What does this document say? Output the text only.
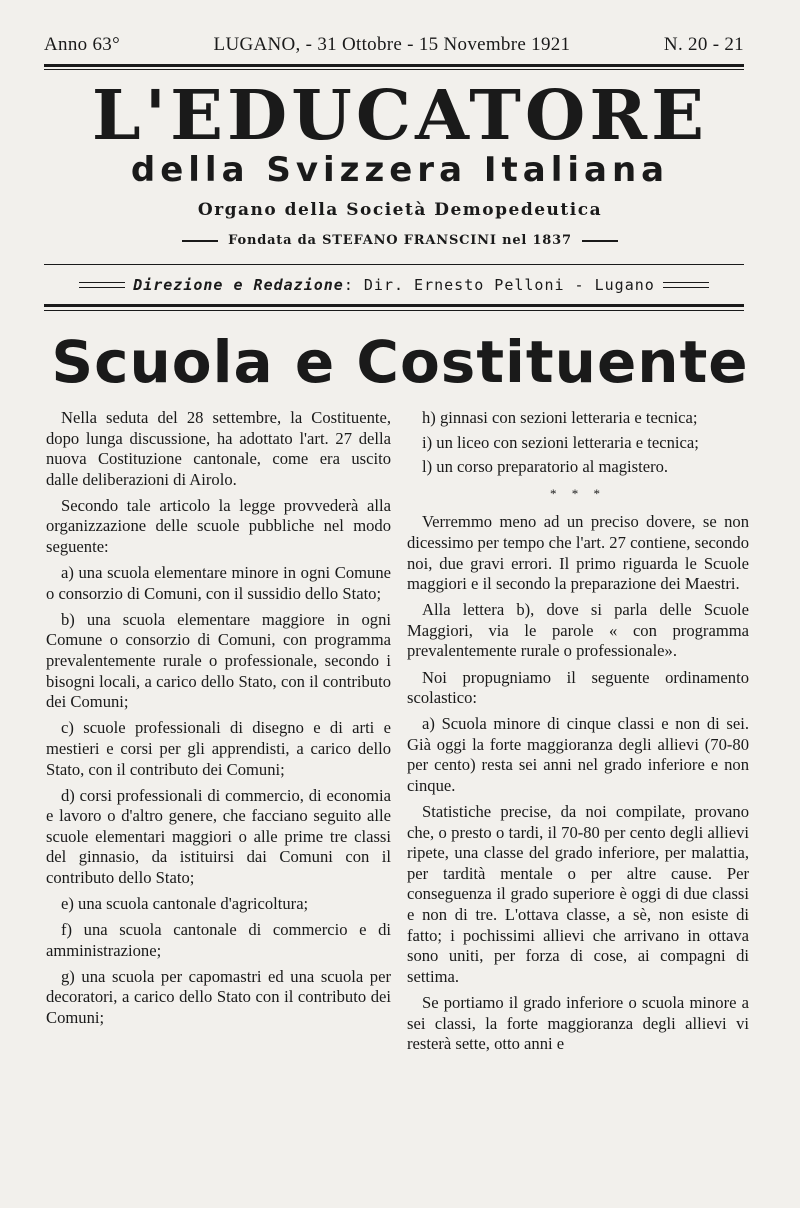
Anno 63°	LUGANO, - 31 Ottobre - 15 Novembre 1921	N. 20 - 21
L'EDUCATORE
della Svizzera Italiana
Organo della Società Demopedeutica
Fondata da STEFANO FRANSCINI nel 1837
Direzione e Redazione : Dir. Ernesto Pelloni - Lugano
Scuola e Costituente

Nella seduta del 28 settembre, la Costituente, dopo lunga discussione, ha adottato l'art. 27 della nuova Costituzione cantonale, come era uscito dalle deliberazioni di Airolo.

Secondo tale articolo la legge provvederà alla organizzazione delle scuole pubbliche nel modo seguente:

a) una scuola elementare minore in ogni Comune o consorzio di Comuni, con il sussidio dello Stato;

b) una scuola elementare maggiore in ogni Comune o consorzio di Comuni, con programma prevalentemente rurale o professionale, secondo i bisogni locali, a carico dello Stato, con il contributo dei Comuni;

c) scuole professionali di disegno e di arti e mestieri e corsi per gli apprendisti, a carico dello Stato, con il contributo dei Comuni;

d) corsi professionali di commercio, di economia e lavoro o d'altro genere, che facciano seguito alle scuole elementari maggiori o alle prime tre classi del ginnasio, da istituirsi dai Comuni con il contributo dello Stato;

e) una scuola cantonale d'agricoltura;

f) una scuola cantonale di commercio e di amministrazione;

g) una scuola per capomastri ed una scuola per decoratori, a carico dello Stato con il contributo dei Comuni;

h) ginnasi con sezioni letteraria e tecnica;

i) un liceo con sezioni letteraria e tecnica;

l) un corso preparatorio al magistero.

* * *

Verremmo meno ad un preciso dovere, se non dicessimo per tempo che l'art. 27 contiene, secondo noi, due gravi errori. Il primo riguarda le Scuole maggiori e il secondo la preparazione dei Maestri.

Alla lettera b), dove si parla delle Scuole Maggiori, via le parole « con programma prevalentemente rurale o professionale».

Noi propugniamo il seguente ordinamento scolastico:

a) Scuola minore di cinque classi e non di sei. Già oggi la forte maggioranza degli allievi (70-80 per cento) resta sei anni nel grado inferiore e non cinque.

Statistiche precise, da noi compilate, provano che, o presto o tardi, il 70-80 per cento degli allievi ripete, una classe del grado inferiore, per malattia, per tardità mentale o per altre cause. Per conseguenza il grado superiore è oggi di due classi e non di tre. L'ottava classe, a sè, non esiste di fatto; i pochissimi allievi che arrivano in ottava sono uniti, per forza di cose, ai compagni di settima.

Se portiamo il grado inferiore o scuola minore a sei classi, la forte maggioranza degli allievi vi resterà sette, otto anni e
